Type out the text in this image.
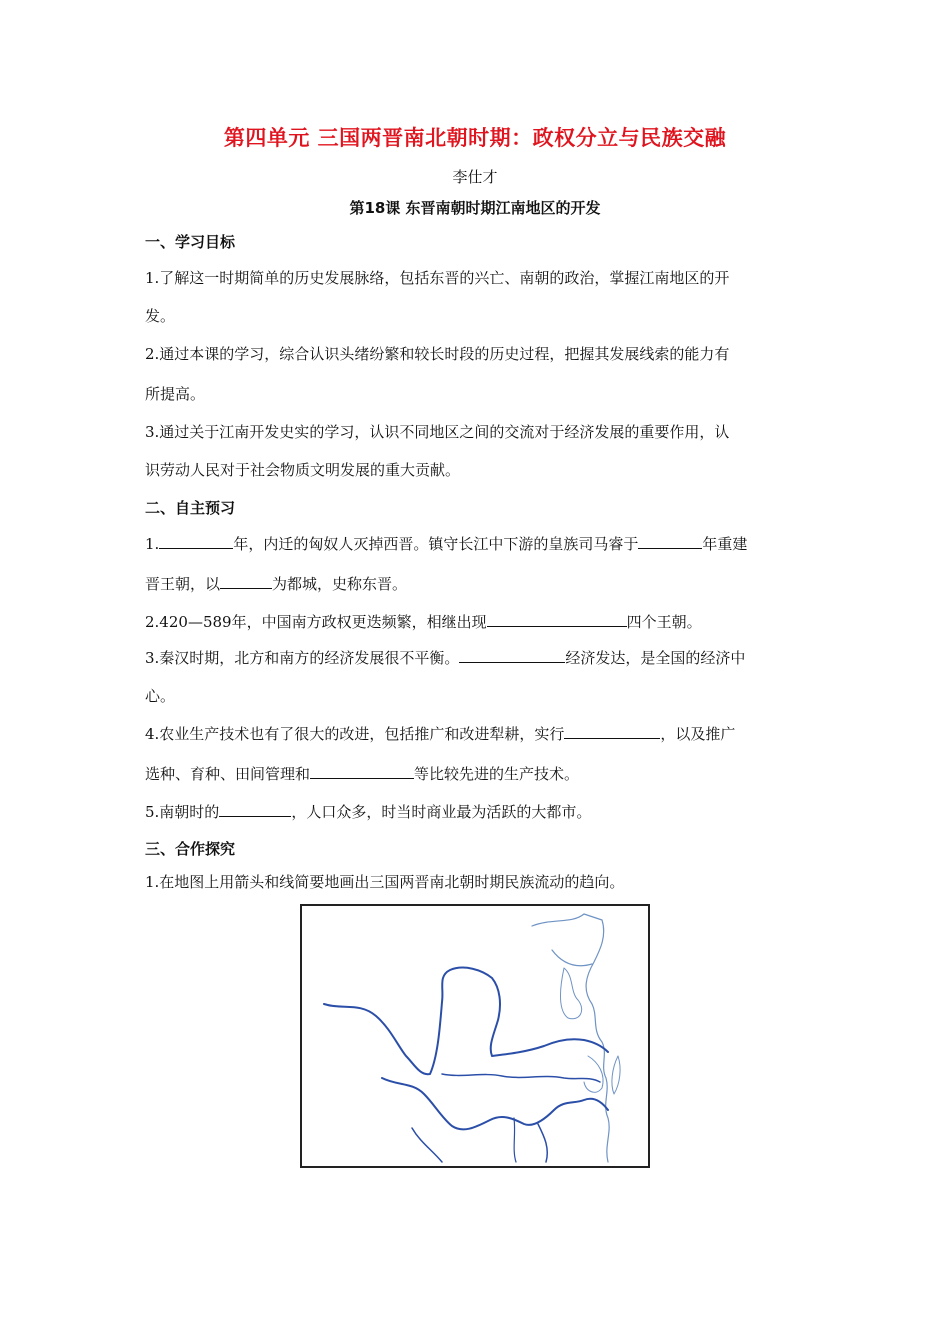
第四单元 三国两晋南北朝时期：政权分立与民族交融
李仕才
第18课 东晋南朝时期江南地区的开发
一、学习目标
1.了解这一时期简单的历史发展脉络，包括东晋的兴亡、南朝的政治，掌握江南地区的开
发。
2.通过本课的学习，综合认识头绪纷繁和较长时段的历史过程，把握其发展线索的能力有
所提高。
3.通过关于江南开发史实的学习，认识不同地区之间的交流对于经济发展的重要作用，认
识劳动人民对于社会物质文明发展的重大贡献。
二、自主预习
1.	年，内迁的匈奴人灭掉西晋。镇守长江中下游的皇族司马睿于	年重建
晋王朝，以	为都城，史称东晋。
2.420—589年，中国南方政权更迭频繁，相继出现	四个王朝。
3.秦汉时期，北方和南方的经济发展很不平衡。	经济发达，是全国的经济中
心。
4.农业生产技术也有了很大的改进，包括推广和改进犁耕，实行	，以及推广
选种、育种、田间管理和	等比较先进的生产技术。
5.南朝时的	，人口众多，时当时商业最为活跃的大都市。
三、合作探究
1.在地图上用箭头和线简要地画出三国两晋南北朝时期民族流动的趋向。
